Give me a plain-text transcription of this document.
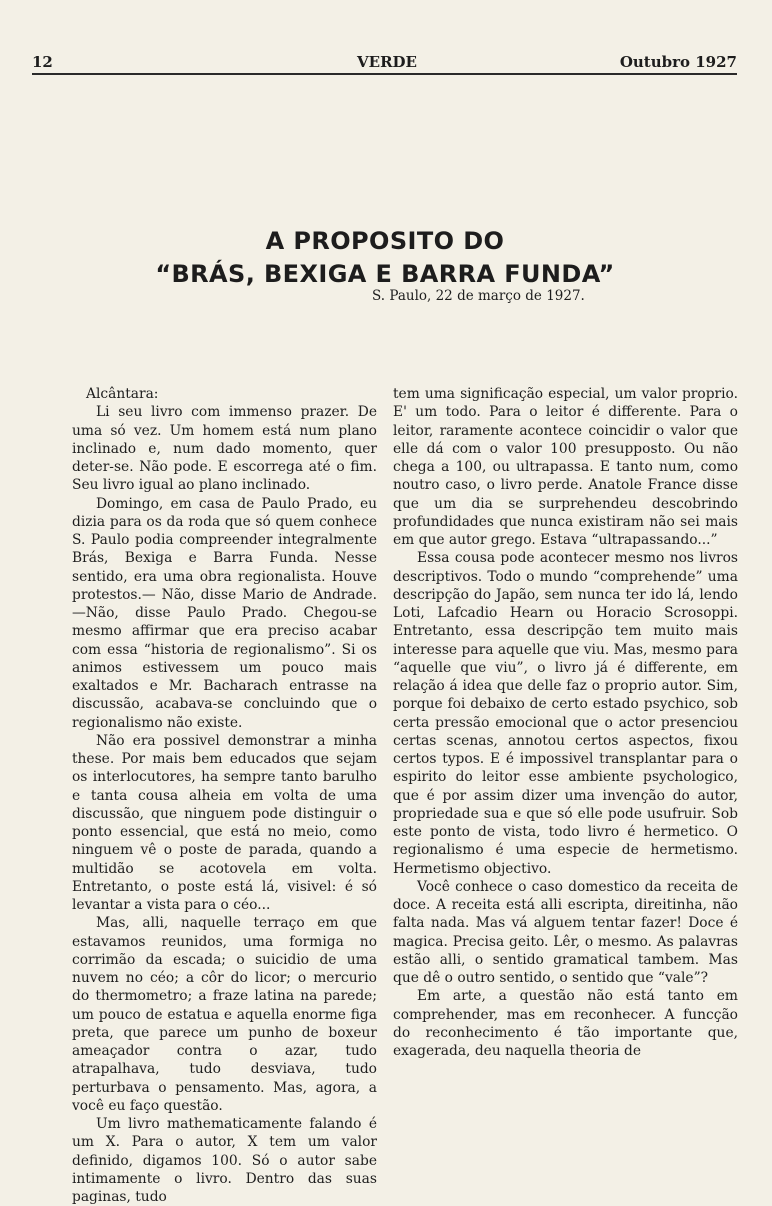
12	VERDE	Outubro 1927
A PROPOSITO DO
“BRÁS, BEXIGA E BARRA FUNDA”
S. Paulo, 22 de março de 1927.

Alcântara:

Li seu livro com immenso prazer. De uma só vez. Um homem está num plano inclinado e, num dado momento, quer deter-se. Não pode. E escorrega até o fim. Seu livro igual ao plano inclinado.

Domingo, em casa de Paulo Prado, eu dizia para os da roda que só quem conhece S. Paulo podia compreender integralmente Brás, Bexiga e Barra Funda. Nesse sentido, era uma obra regionalista. Houve protestos.— Não, disse Mario de Andrade.—Não, disse Paulo Prado. Chegou-se mesmo affirmar que era preciso acabar com essa “historia de regionalismo”. Si os animos estivessem um pouco mais exaltados e Mr. Bacharach entrasse na discussão, acabava-se concluindo que o regionalismo não existe.

Não era possivel demonstrar a minha these. Por mais bem educados que sejam os interlocutores, ha sempre tanto barulho e tanta cousa alheia em volta de uma discussão, que ninguem pode distinguir o ponto essencial, que está no meio, como ninguem vê o poste de parada, quando a multidão se acotovela em volta. Entretanto, o poste está lá, visivel: é só levantar a vista para o céo...

Mas, alli, naquelle terraço em que estavamos reunidos, uma formiga no corrimão da escada; o suicidio de uma nuvem no céo; a côr do licor; o mercurio do thermometro; a fraze latina na parede; um pouco de estatua e aquella enorme figa preta, que parece um punho de boxeur ameaçador contra o azar, tudo atrapalhava, tudo desviava, tudo perturbava o pensamento. Mas, agora, a você eu faço questão.

Um livro mathematicamente falando é um X. Para o autor, X tem um valor definido, digamos 100. Só o autor sabe intimamente o livro. Dentro das suas paginas, tudo

tem uma significação especial, um valor proprio. E' um todo. Para o leitor é differente. Para o leitor, raramente acontece coincidir o valor que elle dá com o valor 100 presupposto. Ou não chega a 100, ou ultrapassa. E tanto num, como noutro caso, o livro perde. Anatole France disse que um dia se surprehendeu descobrindo profundidades que nunca existiram não sei mais em que autor grego. Estava “ultrapassando...”

Essa cousa pode acontecer mesmo nos livros descriptivos. Todo o mundo “comprehende” uma descripção do Japão, sem nunca ter ido lá, lendo Loti, Lafcadio Hearn ou Horacio Scrosoppi. Entretanto, essa descripção tem muito mais interesse para aquelle que viu. Mas, mesmo para “aquelle que viu”, o livro já é differente, em relação á idea que delle faz o proprio autor. Sim, porque foi debaixo de certo estado psychico, sob certa pressão emocional que o actor presenciou certas scenas, annotou certos aspectos, fixou certos typos. E é impossivel transplantar para o espirito do leitor esse ambiente psychologico, que é por assim dizer uma invenção do autor, propriedade sua e que só elle pode usufruir. Sob este ponto de vista, todo livro é hermetico. O regionalismo é uma especie de hermetismo. Hermetismo objectivo.

Você conhece o caso domestico da receita de doce. A receita está alli escripta, direitinha, não falta nada. Mas vá alguem tentar fazer! Doce é magica. Precisa geito. Lêr, o mesmo. As palavras estão alli, o sentido gramatical tambem. Mas que dê o outro sentido, o sentido que “vale”?

Em arte, a questão não está tanto em comprehender, mas em reconhecer. A funcção do reconhecimento é tão importante que, exagerada, deu naquella theoria de
